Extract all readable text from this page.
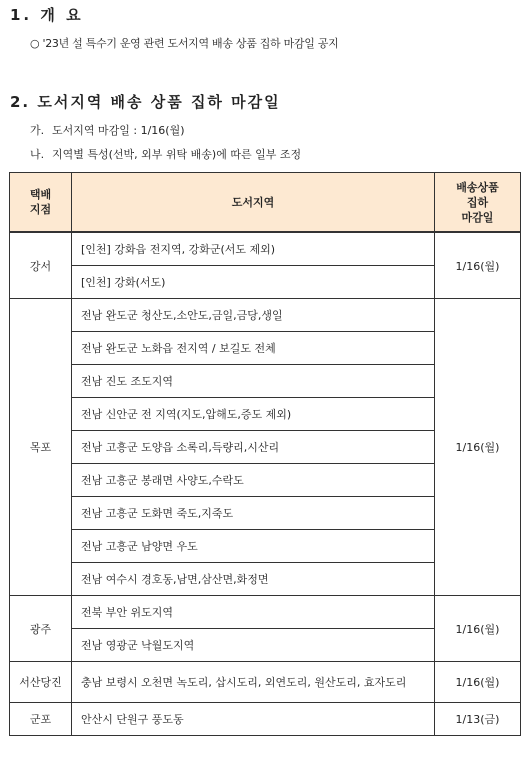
1. 개 요
○ '23년 설 특수기 운영 관련 도서지역 배송 상품 집하 마감일 공지
2. 도서지역 배송 상품 집하 마감일
가. 도서지역 마감일 : 1/16(월)
나. 지역별 특성(선박, 외부 위탁 배송)에 따른 일부 조정
택배
지점	도서지역	배송상품
집하
마감일
강서	[인천] 강화읍 전지역, 강화군(서도 제외)	1/16(월)
	[인천] 강화(서도)	
목포	전남 완도군 청산도,소안도,금일,금당,생일	1/16(월)
	전남 완도군 노화읍 전지역 / 보길도 전체	
	전남 진도 조도지역	
	전남 신안군 전 지역(지도,압해도,증도 제외)	
	전남 고흥군 도양읍 소록리,득량리,시산리	
	전남 고흥군 봉래면 사양도,수락도	
	전남 고흥군 도화면 죽도,지죽도	
	전남 고흥군 남양면 우도	
	전남 여수시 경호동,남면,삼산면,화정면	
광주	전북 부안 위도지역	1/16(월)
	전남 영광군 낙월도지역	
서산당진	충남 보령시 오천면 녹도리, 삽시도리, 외연도리, 원산도리, 효자도리	1/16(월)
군포	안산시 단원구 풍도동	1/13(금)
